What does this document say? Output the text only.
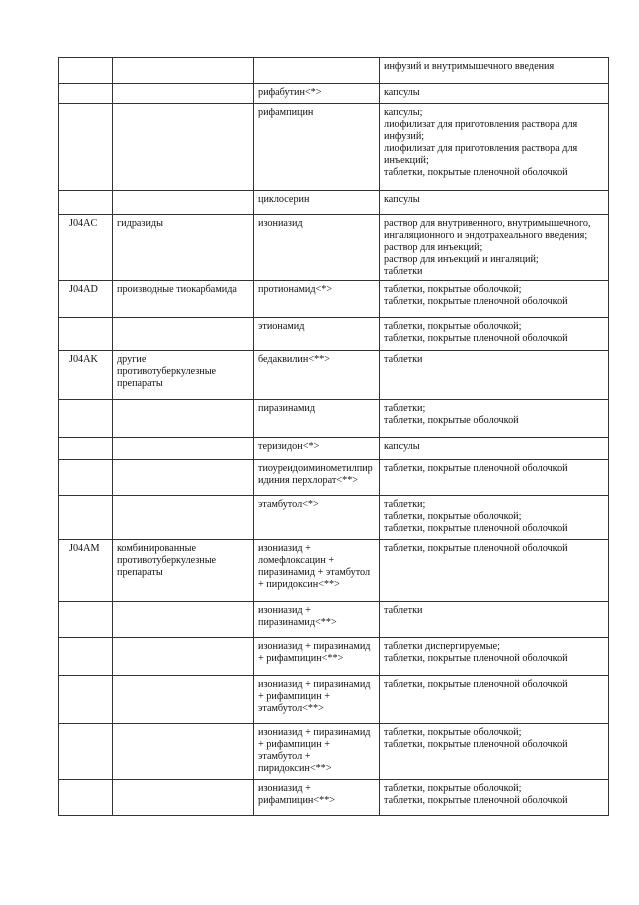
			инфузий и внутримышечного введения
		рифабутин<*>	капсулы
		рифампицин	капсулы;
лиофилизат для приготовления раствора для инфузий;
лиофилизат для приготовления раствора для инъекций;
таблетки, покрытые пленочной оболочкой
		циклосерин	капсулы
J04AC	гидразиды	изониазид	раствор для внутривенного, внутримышечного, ингаляционного и эндотрахеального введения;
раствор для инъекций;
раствор для инъекций и ингаляций;
таблетки
J04AD	производные тиокарбамида	протионамид<*>	таблетки, покрытые оболочкой;
таблетки, покрытые пленочной оболочкой
		этионамид	таблетки, покрытые оболочкой;
таблетки, покрытые пленочной оболочкой
J04AK	другие
противотуберкулезные
препараты	бедаквилин<**>	таблетки
		пиразинамид	таблетки;
таблетки, покрытые оболочкой
		теризидон<*>	капсулы
		тиоуреидоиминометилпир
идиния перхлорат<**>	таблетки, покрытые пленочной оболочкой
		этамбутол<*>	таблетки;
таблетки, покрытые оболочкой;
таблетки, покрытые пленочной оболочкой
J04AM	комбинированные
противотуберкулезные
препараты	изониазид +
ломефлоксацин +
пиразинамид + этамбутол
+ пиридоксин<**>	таблетки, покрытые пленочной оболочкой
		изониазид +
пиразинамид<**>	таблетки
		изониазид + пиразинамид
+ рифампицин<**>	таблетки диспергируемые;
таблетки, покрытые пленочной оболочкой
		изониазид + пиразинамид
+ рифампицин +
этамбутол<**>	таблетки, покрытые пленочной оболочкой
		изониазид + пиразинамид
+ рифампицин +
этамбутол +
пиридоксин<**>	таблетки, покрытые оболочкой;
таблетки, покрытые пленочной оболочкой
		изониазид +
рифампицин<**>	таблетки, покрытые оболочкой;
таблетки, покрытые пленочной оболочкой
